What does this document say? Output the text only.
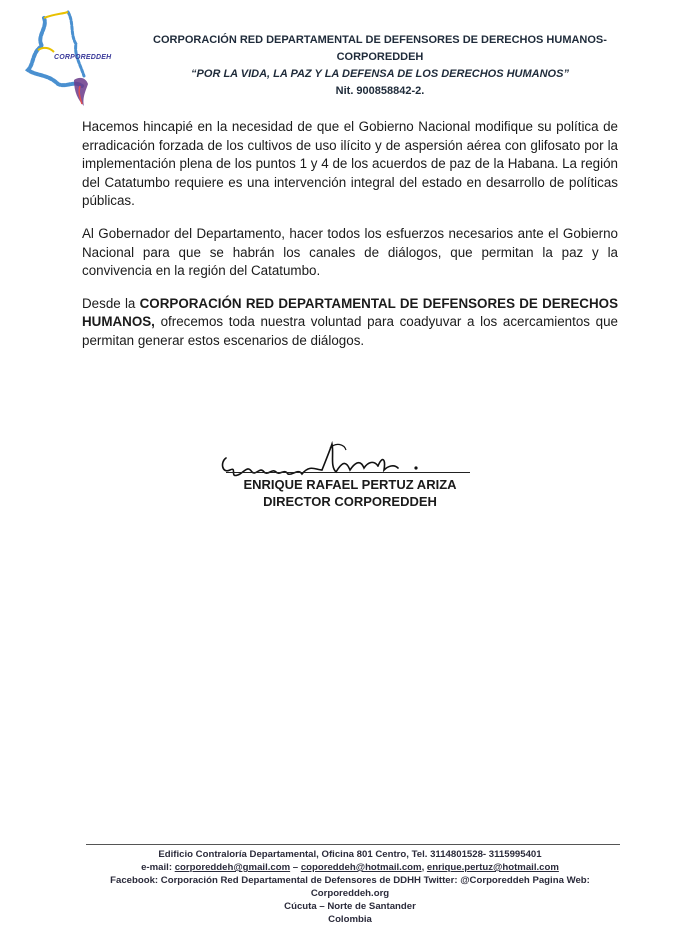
CORPOREDDEH
CORPORACIÓN RED DEPARTAMENTAL DE DEFENSORES DE DERECHOS HUMANOS-
CORPOREDDEH
“POR LA VIDA, LA PAZ Y LA DEFENSA DE LOS DERECHOS HUMANOS”
Nit. 900858842-2.

Hacemos hincapié en la necesidad de que el Gobierno Nacional modifique su política de erradicación forzada de los cultivos de uso ilícito y de aspersión aérea con glifosato por la implementación plena de los puntos 1 y 4 de los acuerdos de paz de la Habana. La región del Catatumbo requiere es una intervención integral del estado en desarrollo de políticas públicas.

Al Gobernador del Departamento, hacer todos los esfuerzos necesarios ante el Gobierno Nacional para que se habrán los canales de diálogos, que permitan la paz y la convivencia en la región del Catatumbo.

Desde la CORPORACIÓN RED DEPARTAMENTAL DE DEFENSORES DE DERECHOS HUMANOS, ofrecemos toda nuestra voluntad para coadyuvar a los acercamientos que permitan generar estos escenarios de diálogos.

ENRIQUE RAFAEL PERTUZ ARIZA
DIRECTOR CORPOREDDEH
Edificio Contraloría Departamental, Oficina 801 Centro, Tel. 3114801528- 3115995401
e-mail: corporeddeh@gmail.com – coporeddeh@hotmail.com, enrique.pertuz@hotmail.com
Facebook: Corporación Red Departamental de Defensores de DDHH Twitter: @Corporeddeh Pagina Web:
Corporeddeh.org
Cúcuta – Norte de Santander
Colombia
